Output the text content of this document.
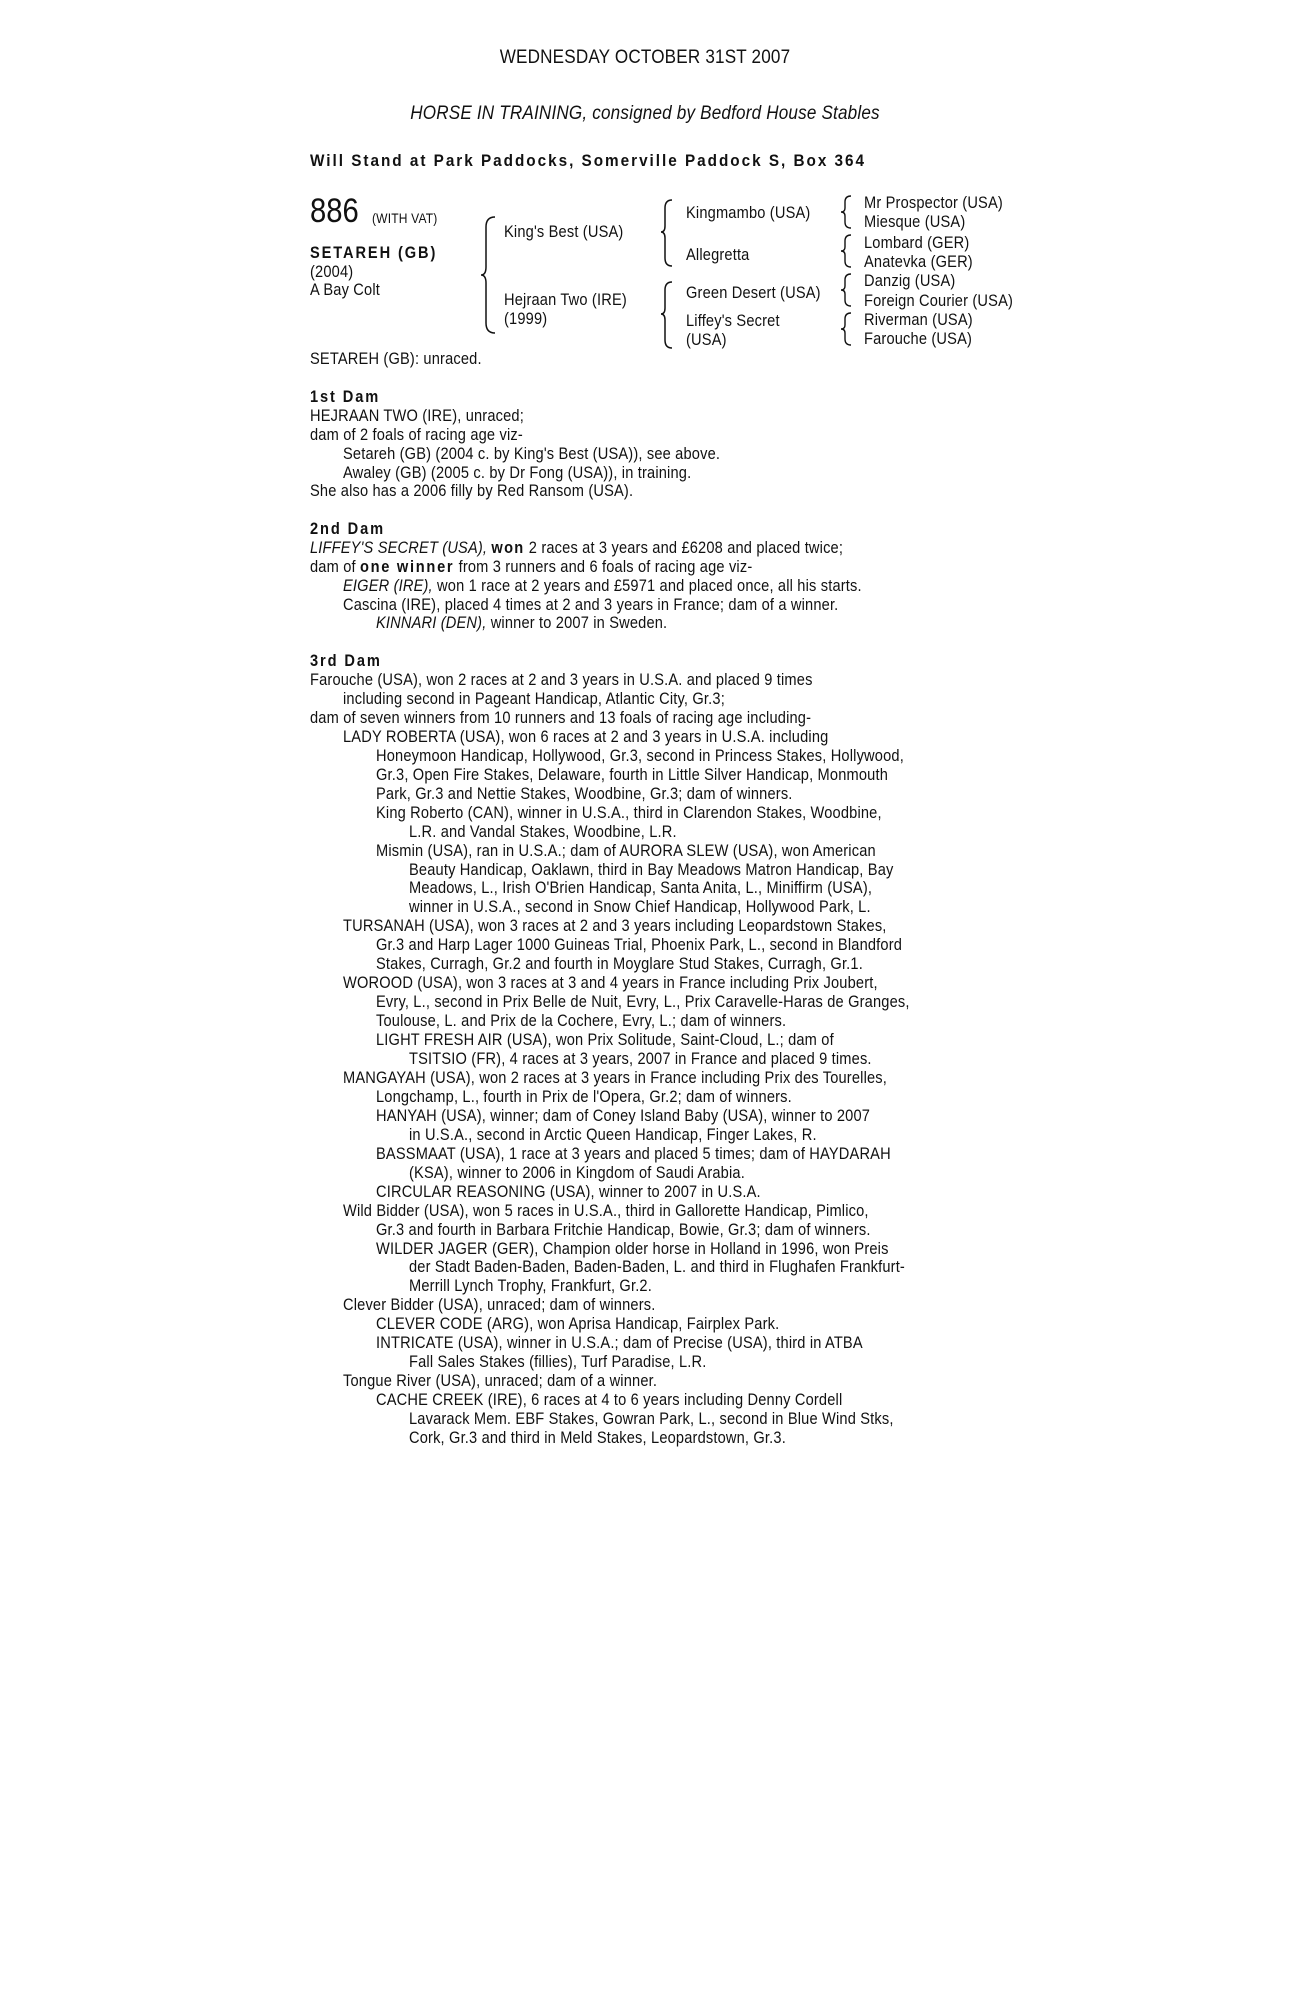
WEDNESDAY OCTOBER 31ST 2007
HORSE IN TRAINING, consigned by Bedford House Stables
Will Stand at Park Paddocks, Somerville Paddock S, Box 364
886 (WITH VAT)
SETAREH (GB)
(2004)
A Bay Colt
King's Best (USA)
Hejraan Two (IRE)
(1999)
Kingmambo (USA)
Allegretta
Green Desert (USA)
Liffey's Secret
(USA)
Mr Prospector (USA)
Miesque (USA)
Lombard (GER)
Anatevka (GER)
Danzig (USA)
Foreign Courier (USA)
Riverman (USA)
Farouche (USA)
SETAREH (GB): unraced.
1st Dam
HEJRAAN TWO (IRE), unraced;
dam of 2 foals of racing age viz-
Setareh (GB) (2004 c. by King's Best (USA)), see above.
Awaley (GB) (2005 c. by Dr Fong (USA)), in training.
She also has a 2006 filly by Red Ransom (USA).
2nd Dam
LIFFEY'S SECRET (USA), won 2 races at 3 years and £6208 and placed twice;
dam of one winner from 3 runners and 6 foals of racing age viz-
EIGER (IRE), won 1 race at 2 years and £5971 and placed once, all his starts.
Cascina (IRE), placed 4 times at 2 and 3 years in France; dam of a winner.
KINNARI (DEN), winner to 2007 in Sweden.
3rd Dam
Farouche (USA), won 2 races at 2 and 3 years in U.S.A. and placed 9 times
including second in Pageant Handicap, Atlantic City, Gr.3;
dam of seven winners from 10 runners and 13 foals of racing age including-
LADY ROBERTA (USA), won 6 races at 2 and 3 years in U.S.A. including
Honeymoon Handicap, Hollywood, Gr.3, second in Princess Stakes, Hollywood,
Gr.3, Open Fire Stakes, Delaware, fourth in Little Silver Handicap, Monmouth
Park, Gr.3 and Nettie Stakes, Woodbine, Gr.3; dam of winners.
King Roberto (CAN), winner in U.S.A., third in Clarendon Stakes, Woodbine,
L.R. and Vandal Stakes, Woodbine, L.R.
Mismin (USA), ran in U.S.A.; dam of AURORA SLEW (USA), won American
Beauty Handicap, Oaklawn, third in Bay Meadows Matron Handicap, Bay
Meadows, L., Irish O'Brien Handicap, Santa Anita, L., Miniffirm (USA),
winner in U.S.A., second in Snow Chief Handicap, Hollywood Park, L.
TURSANAH (USA), won 3 races at 2 and 3 years including Leopardstown Stakes,
Gr.3 and Harp Lager 1000 Guineas Trial, Phoenix Park, L., second in Blandford
Stakes, Curragh, Gr.2 and fourth in Moyglare Stud Stakes, Curragh, Gr.1.
WOROOD (USA), won 3 races at 3 and 4 years in France including Prix Joubert,
Evry, L., second in Prix Belle de Nuit, Evry, L., Prix Caravelle-Haras de Granges,
Toulouse, L. and Prix de la Cochere, Evry, L.; dam of winners.
LIGHT FRESH AIR (USA), won Prix Solitude, Saint-Cloud, L.; dam of
TSITSIO (FR), 4 races at 3 years, 2007 in France and placed 9 times.
MANGAYAH (USA), won 2 races at 3 years in France including Prix des Tourelles,
Longchamp, L., fourth in Prix de l'Opera, Gr.2; dam of winners.
HANYAH (USA), winner; dam of Coney Island Baby (USA), winner to 2007
in U.S.A., second in Arctic Queen Handicap, Finger Lakes, R.
BASSMAAT (USA), 1 race at 3 years and placed 5 times; dam of HAYDARAH
(KSA), winner to 2006 in Kingdom of Saudi Arabia.
CIRCULAR REASONING (USA), winner to 2007 in U.S.A.
Wild Bidder (USA), won 5 races in U.S.A., third in Gallorette Handicap, Pimlico,
Gr.3 and fourth in Barbara Fritchie Handicap, Bowie, Gr.3; dam of winners.
WILDER JAGER (GER), Champion older horse in Holland in 1996, won Preis
der Stadt Baden-Baden, Baden-Baden, L. and third in Flughafen Frankfurt-
Merrill Lynch Trophy, Frankfurt, Gr.2.
Clever Bidder (USA), unraced; dam of winners.
CLEVER CODE (ARG), won Aprisa Handicap, Fairplex Park.
INTRICATE (USA), winner in U.S.A.; dam of Precise (USA), third in ATBA
Fall Sales Stakes (fillies), Turf Paradise, L.R.
Tongue River (USA), unraced; dam of a winner.
CACHE CREEK (IRE), 6 races at 4 to 6 years including Denny Cordell
Lavarack Mem. EBF Stakes, Gowran Park, L., second in Blue Wind Stks,
Cork, Gr.3 and third in Meld Stakes, Leopardstown, Gr.3.
